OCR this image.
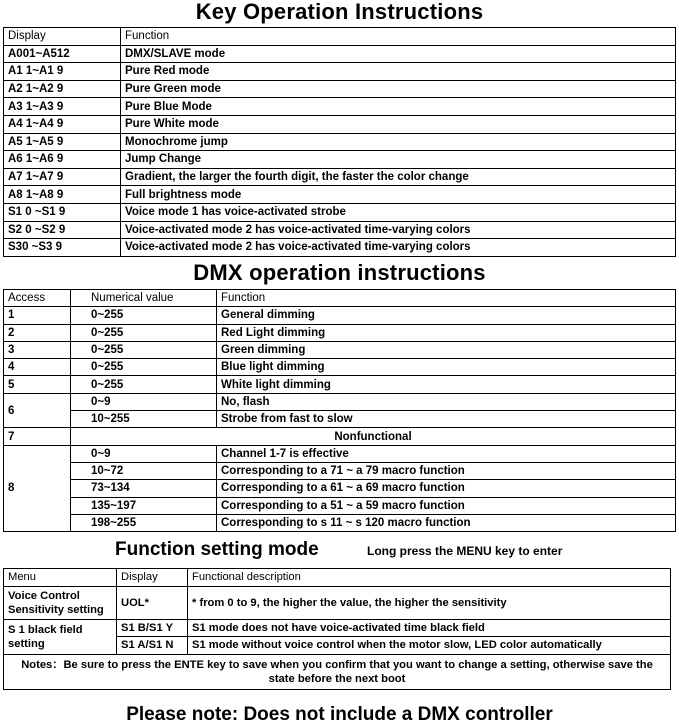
Key Operation Instructions
Display	Function
A001~A512	DMX/SLAVE mode
A1 1~A1 9	Pure Red mode
A2 1~A2 9	Pure Green mode
A3 1~A3 9	Pure Blue Mode
A4 1~A4 9	Pure White mode
A5 1~A5 9	Monochrome jump
A6 1~A6 9	Jump Change
A7 1~A7 9	Gradient, the larger the fourth digit, the faster the color change
A8 1~A8 9	Full brightness mode
S1 0 ~S1 9	Voice mode 1 has voice-activated strobe
S2 0 ~S2 9	Voice-activated mode 2 has voice-activated time-varying colors
S30 ~S3 9	Voice-activated mode 2 has voice-activated time-varying colors
DMX operation instructions
Access	Numerical value	Function
1	0~255	General dimming
2	0~255	Red Light dimming
3	0~255	Green dimming
4	0~255	Blue light dimming
5	0~255	White light dimming
6	0~9	No, flash
	10~255	Strobe from fast to slow
7	Nonfunctional	
8	0~9	Channel 1-7 is effective
	10~72	Corresponding to a 71 ~ a 79 macro function
	73~134	Corresponding to a 61 ~ a 69 macro function
	135~197	Corresponding to a 51 ~ a 59 macro function
	198~255	Corresponding to s 11 ~ s 120 macro function
Function setting mode	Long press the MENU key to enter
Menu	Display	Functional description
Voice Control Sensitivity setting	UOL*	* from 0 to 9, the higher the value, the higher the sensitivity
S 1 black field setting	S1 B/S1 Y	S1 mode does not have voice-activated time black field
	S1 A/S1 N	S1 mode without voice control when the motor slow, LED color automatically
Notes：Be sure to press the ENTE key to save when you confirm that you want to change a setting, otherwise save the state before the next boot		
Please note: Does not include a DMX controller
